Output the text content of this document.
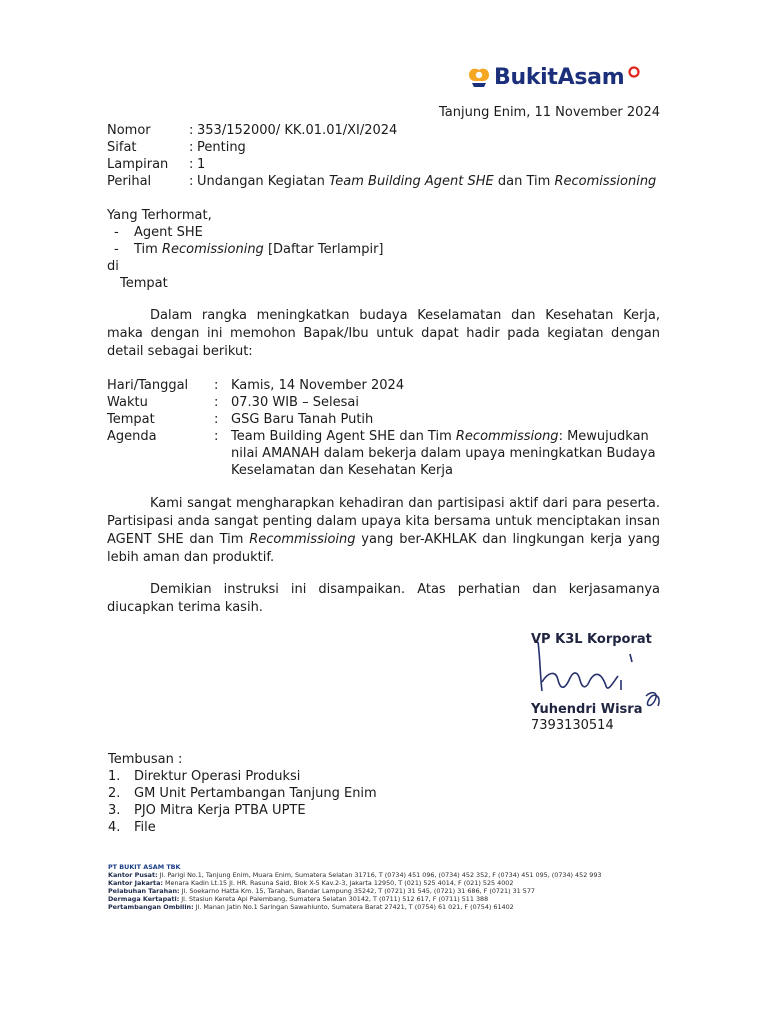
BukitAsam
Tanjung Enim, 11 November 2024
Nomor	: 353/152000/ KK.01.01/XI/2024
Sifat	: Penting
Lampiran : 1
Perihal	: Undangan Kegiatan Team Building Agent SHE dan Tim Recomissioning
Yang Terhormat,
- Agent SHE
- Tim Recomissioning [Daftar Terlampir]
di
Tempat
Dalam rangka meningkatkan budaya Keselamatan dan Kesehatan Kerja, maka dengan ini memohon Bapak/Ibu untuk dapat hadir pada kegiatan dengan detail sebagai berikut:
Hari/Tanggal : Kamis, 14 November 2024
Waktu	: 07.30 WIB – Selesai
Tempat	: GSG Baru Tanah Putih
Agenda	: Team Building Agent SHE dan Tim Recommissiong: Mewujudkan nilai AMANAH dalam bekerja dalam upaya meningkatkan Budaya Keselamatan dan Kesehatan Kerja
Kami sangat mengharapkan kehadiran dan partisipasi aktif dari para peserta. Partisipasi anda sangat penting dalam upaya kita bersama untuk menciptakan insan AGENT SHE dan Tim Recommissioing yang ber-AKHLAK dan lingkungan kerja yang lebih aman dan produktif.
Demikian instruksi ini disampaikan. Atas perhatian dan kerjasamanya diucapkan terima kasih.
VP K3L Korporat
Yuhendri Wisra
7393130514
Tembusan :
1. Direktur Operasi Produksi
2. GM Unit Pertambangan Tanjung Enim
3. PJO Mitra Kerja PTBA UPTE
4. File
PT BUKIT ASAM TBK
Kantor Pusat: Jl. Parigi No.1, Tanjung Enim, Muara Enim, Sumatera Selatan 31716, T (0734) 451 096, (0734) 452 352, F (0734) 451 095, (0734) 452 993
Kantor Jakarta: Menara Kadin Lt.15 Jl. HR. Rasuna Said, Blok X-5 Kav.2-3, Jakarta 12950, T (021) 525 4014, F (021) 525 4002
Pelabuhan Tarahan: Jl. Soekarno Hatta Km. 15, Tarahan, Bandar Lampung 35242, T (0721) 31 545, (0721) 31 686, F (0721) 31 577
Dermaga Kertapati: Jl. Stasiun Kereta Api Palembang, Sumatera Selatan 30142, T (0711) 512 617, F (0711) 511 388
Pertambangan Ombilin: Jl. Manan Jatin No.1 Saringan Sawahlunto, Sumatera Barat 27421, T (0754) 61 021, F (0754) 61402
